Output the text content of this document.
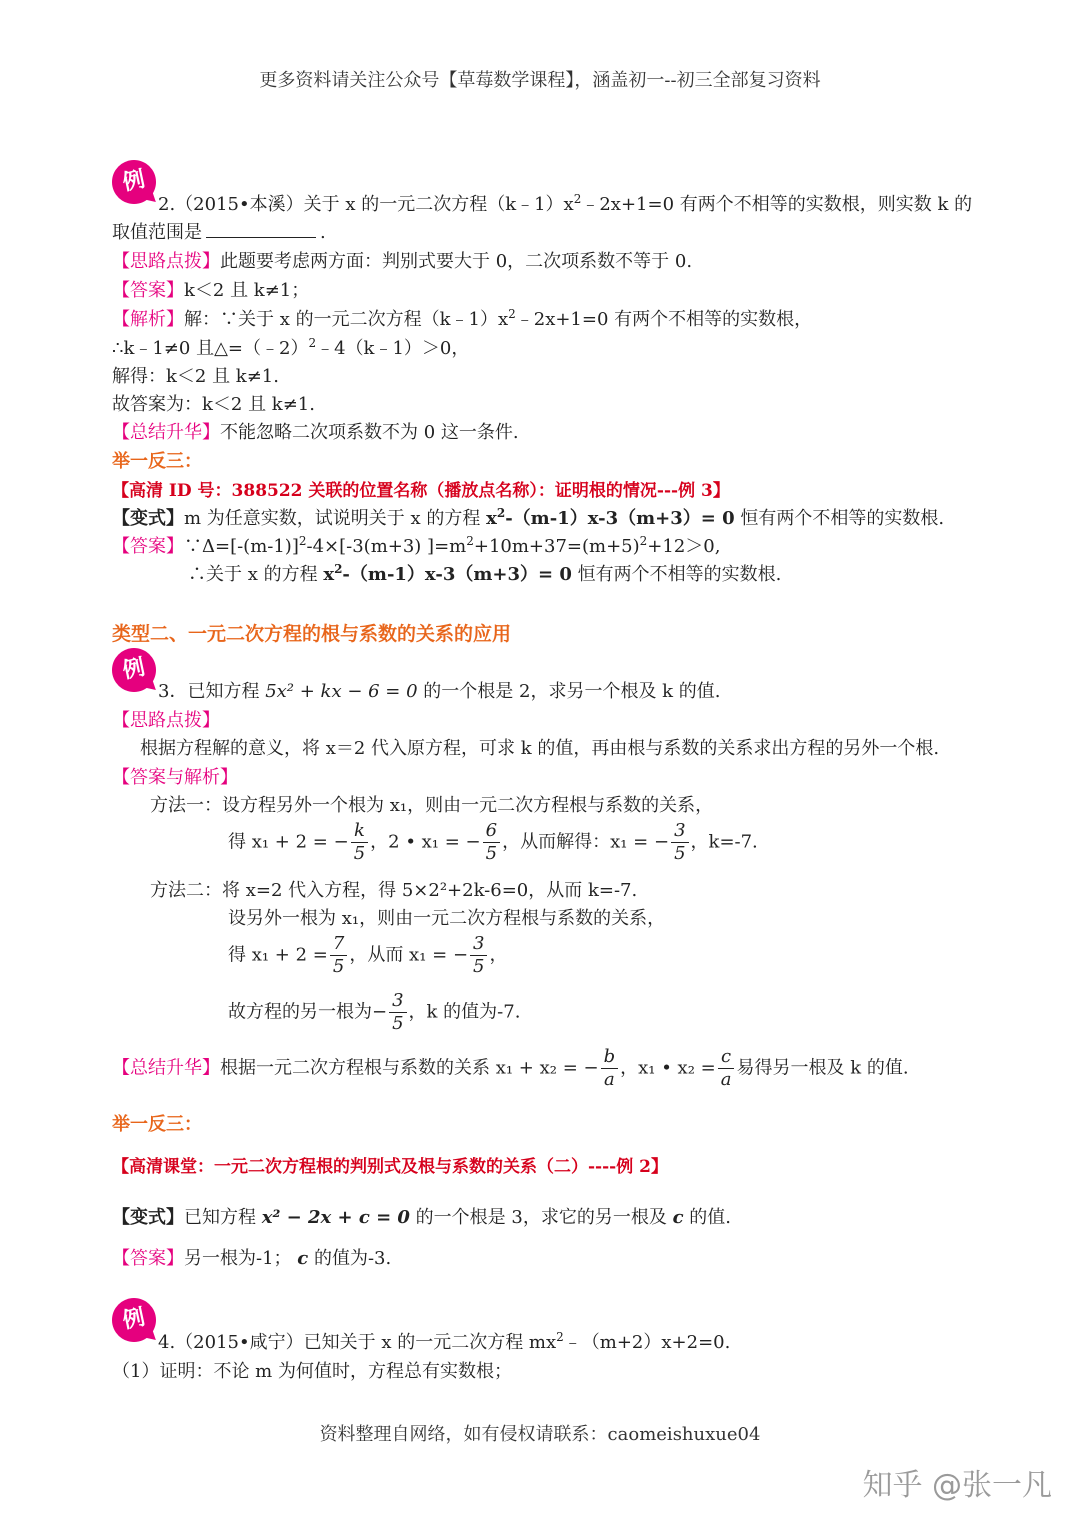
更多资料请关注公众号【草莓数学课程】，涵盖初一--初三全部复习资料
例
2.（2015•本溪）关于 x 的一元二次方程$(k﹣1)x^2﹣2x+1=0$ 有两个不相等的实数根，则实数 k 的
取值范围是	.
【思路点拨】此题要考虑两方面：判别式要大于 0，二次项系数不等于 0.
【答案】k＜2 且 k≠1；
【解析】解：∵关于 x 的一元二次方程$(k﹣1)x^2﹣2x+1=0$ 有两个不相等的实数根，
∴k﹣1≠0 且△=（﹣2）$^2$﹣4（k﹣1）＞0，
解得：k＜2 且 k≠1.
故答案为：k＜2 且 k≠1.
【总结升华】不能忽略二次项系数不为 0 这一条件.
举一反三：
【高清 ID 号：388522 关联的位置名称（播放点名称）：证明根的情况---例 3】
【变式】m 为任意实数，试说明关于 x 的方程 $x^2-(m-1)x-3(m+3)= 0$ 恒有两个不相等的实数根.
【答案】$\because\Delta=[-(m-1)]^2-4\times[-3(m+3)$ ]$=m^2+10m+37=(m+5)^2+12>0$,
∴关于 x 的方程 $x^2-(m-1)x-3(m+3)= 0$ 恒有两个不相等的实数根.
类型二、一元二次方程的根与系数的关系的应用
例
3．已知方程 5x² + kx − 6 = 0 的一个根是 2，求另一个根及 k 的值.
【思路点拨】
根据方程解的意义，将 x＝2 代入原方程，可求 k 的值，再由根与系数的关系求出方程的另外一个根.
【答案与解析】
方法一：设方程另外一个根为 x₁，则由一元二次方程根与系数的关系，
得 x₁ + 2 = − $\frac{k}{5}$ ，2 • x₁ = − $\frac{6}{5}$ ，从而解得：x₁ = − $\frac{3}{5}$ ，k=-7.
方法二：将 x=2 代入方程，得 5×2²+2k-6=0，从而 k=-7.
设另外一根为 x₁，则由一元二次方程根与系数的关系，
得 $x_1 + 2 = \frac{7}{5}$ ，从而 x₁ = − $\frac{3}{5}$ ，
故方程的另一根为− $\frac{3}{5}$ ，k 的值为-7.
【总结升华】根据一元二次方程根与系数的关系 x₁ + x₂ = − $\frac{b}{a}$ ，x₁ • $x_2 = \frac{c}{a}$ 易得另一根及 k 的值.
举一反三：
【高清课堂：一元二次方程根的判别式及根与系数的关系（二）----例 2】
【变式】已知方程 x² − 2x + c = 0 的一个根是 3，求它的另一根及 c 的值.
【答案】另一根为-1； c 的值为-3.
例
4.（2015•咸宁）已知关于 x 的一元二次方程 $mx^2﹣(m+2)x+2=0$.
（1）证明：不论 m 为何值时，方程总有实数根；
资料整理自网络，如有侵权请联系：caomeishuxue04
知乎 @张一凡
